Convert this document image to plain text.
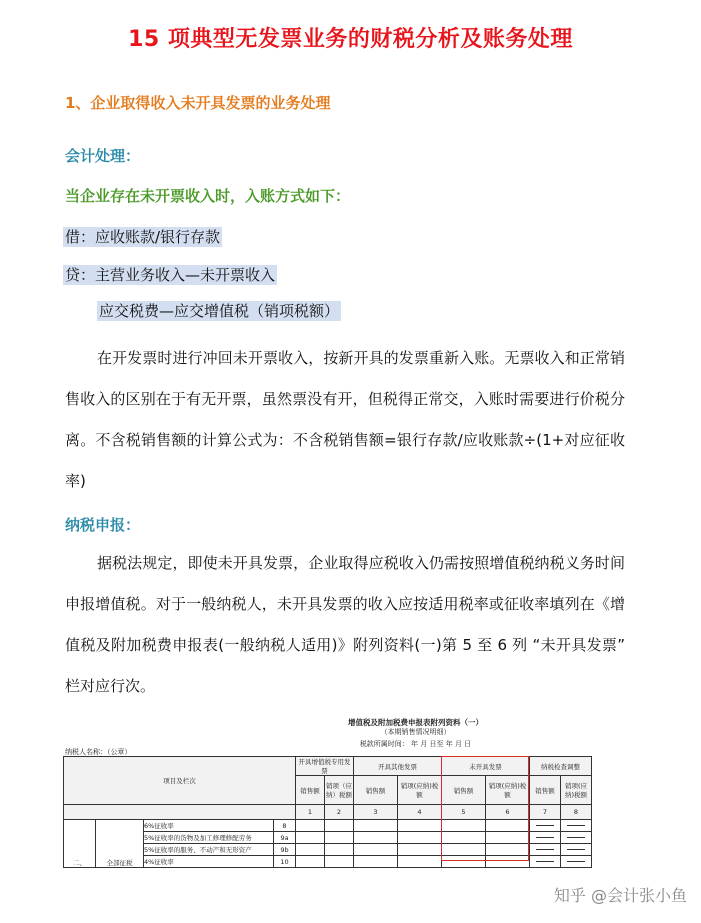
15 项典型无发票业务的财税分析及账务处理
1、企业取得收入未开具发票的业务处理
会计处理：
当企业存在未开票收入时，入账方式如下：
借：应收账款/银行存款
贷：主营业务收入—未开票收入
应交税费—应交增值税（销项税额）
在开发票时进行冲回未开票收入，按新开具的发票重新入账。无票收入和正常销售收入的区别在于有无开票，虽然票没有开，但税得正常交，入账时需要进行价税分离。不含税销售额的计算公式为：不含税销售额=银行存款/应收账款÷(1+对应征收率)
纳税申报：
据税法规定，即使未开具发票，企业取得应税收入仍需按照增值税纳税义务时间申报增值税。对于一般纳税人，未开具发票的收入应按适用税率或征收率填列在《增值税及附加税费申报表(一般纳税人适用)》附列资料(一)第 5 至 6 列 “未开具发票” 栏对应行次。
增值税及附加税费申报表附列资料（一）
（本期销售情况明细）
税款所属时间： 年 月 日至 年 月 日
纳税人名称：（公章）
项目及栏次				开具增值税专用发票		开具其他发票		未开具发票		纳税检查调整	
				销售额	销项（应纳）税额	销售额	销项(应纳)税额	销售额	销项(应纳)税额	销售额	销项(应纳)税额
				1	2	3	4	5	6	7	8
二、	全部征税	6%征收率	8								
		5%征收率的货物及加工修理修配劳务	9a								
		5%征收率的服务、不动产和无形资产	9b								
		4%征收率	10								
知乎 @会计张小鱼
